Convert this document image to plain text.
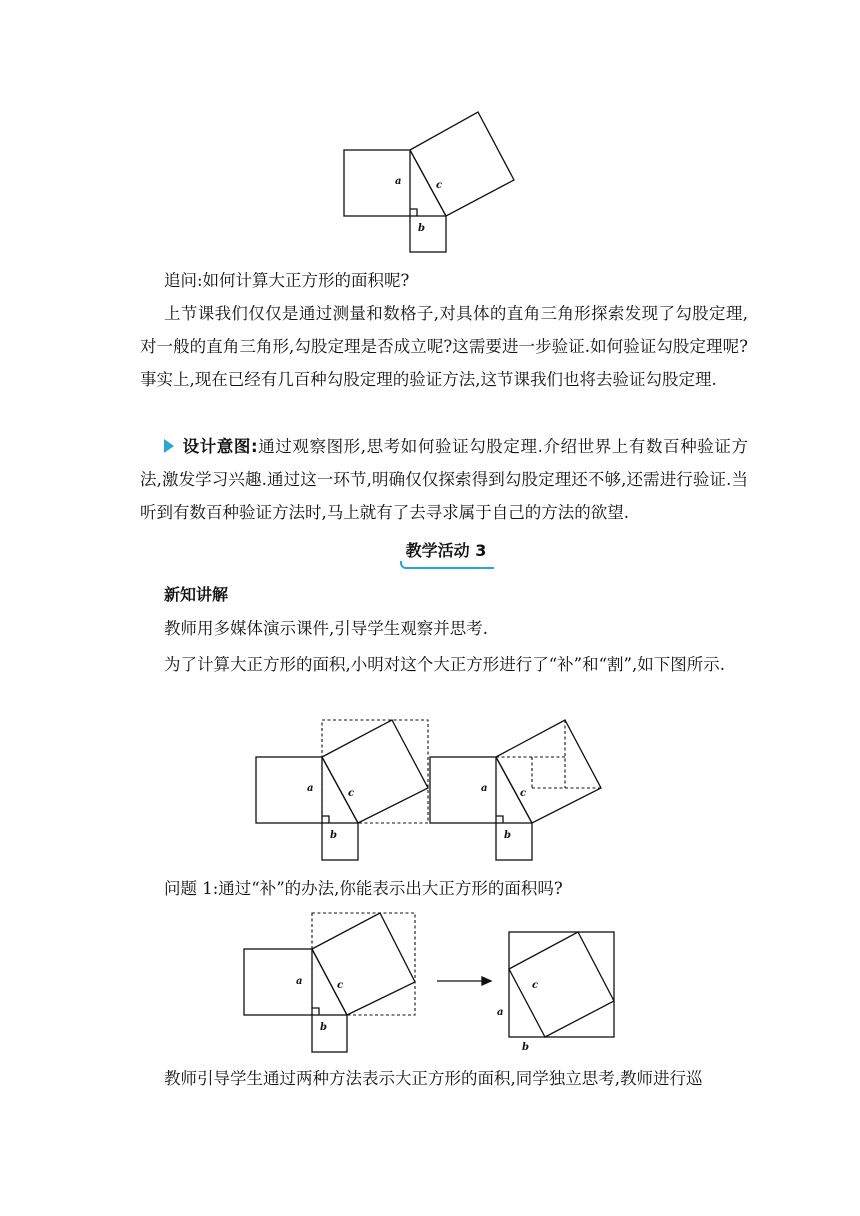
a	c
b

追问:如何计算大正方形的面积呢?

上节课我们仅仅是通过测量和数格子,对具体的直角三角形探索发现了勾股定理,对一般的直角三角形,勾股定理是否成立呢?这需要进一步验证.如何验证勾股定理呢?事实上,现在已经有几百种勾股定理的验证方法,这节课我们也将去验证勾股定理.

设计意图:通过观察图形,思考如何验证勾股定理.介绍世界上有数百种验证方法,激发学习兴趣.通过这一环节,明确仅仅探索得到勾股定理还不够,还需进行验证.当听到有数百种验证方法时,马上就有了去寻求属于自己的方法的欲望.

教学活动 3

新知讲解

教师用多媒体演示课件,引导学生观察并思考.

为了计算大正方形的面积,小明对这个大正方形进行了“补”和“割”,如下图所示.

a	c
b
a	c
b

问题 1:通过“补”的办法,你能表示出大正方形的面积吗?

a	c
b
c
a
b

教师引导学生通过两种方法表示大正方形的面积,同学独立思考,教师进行巡
